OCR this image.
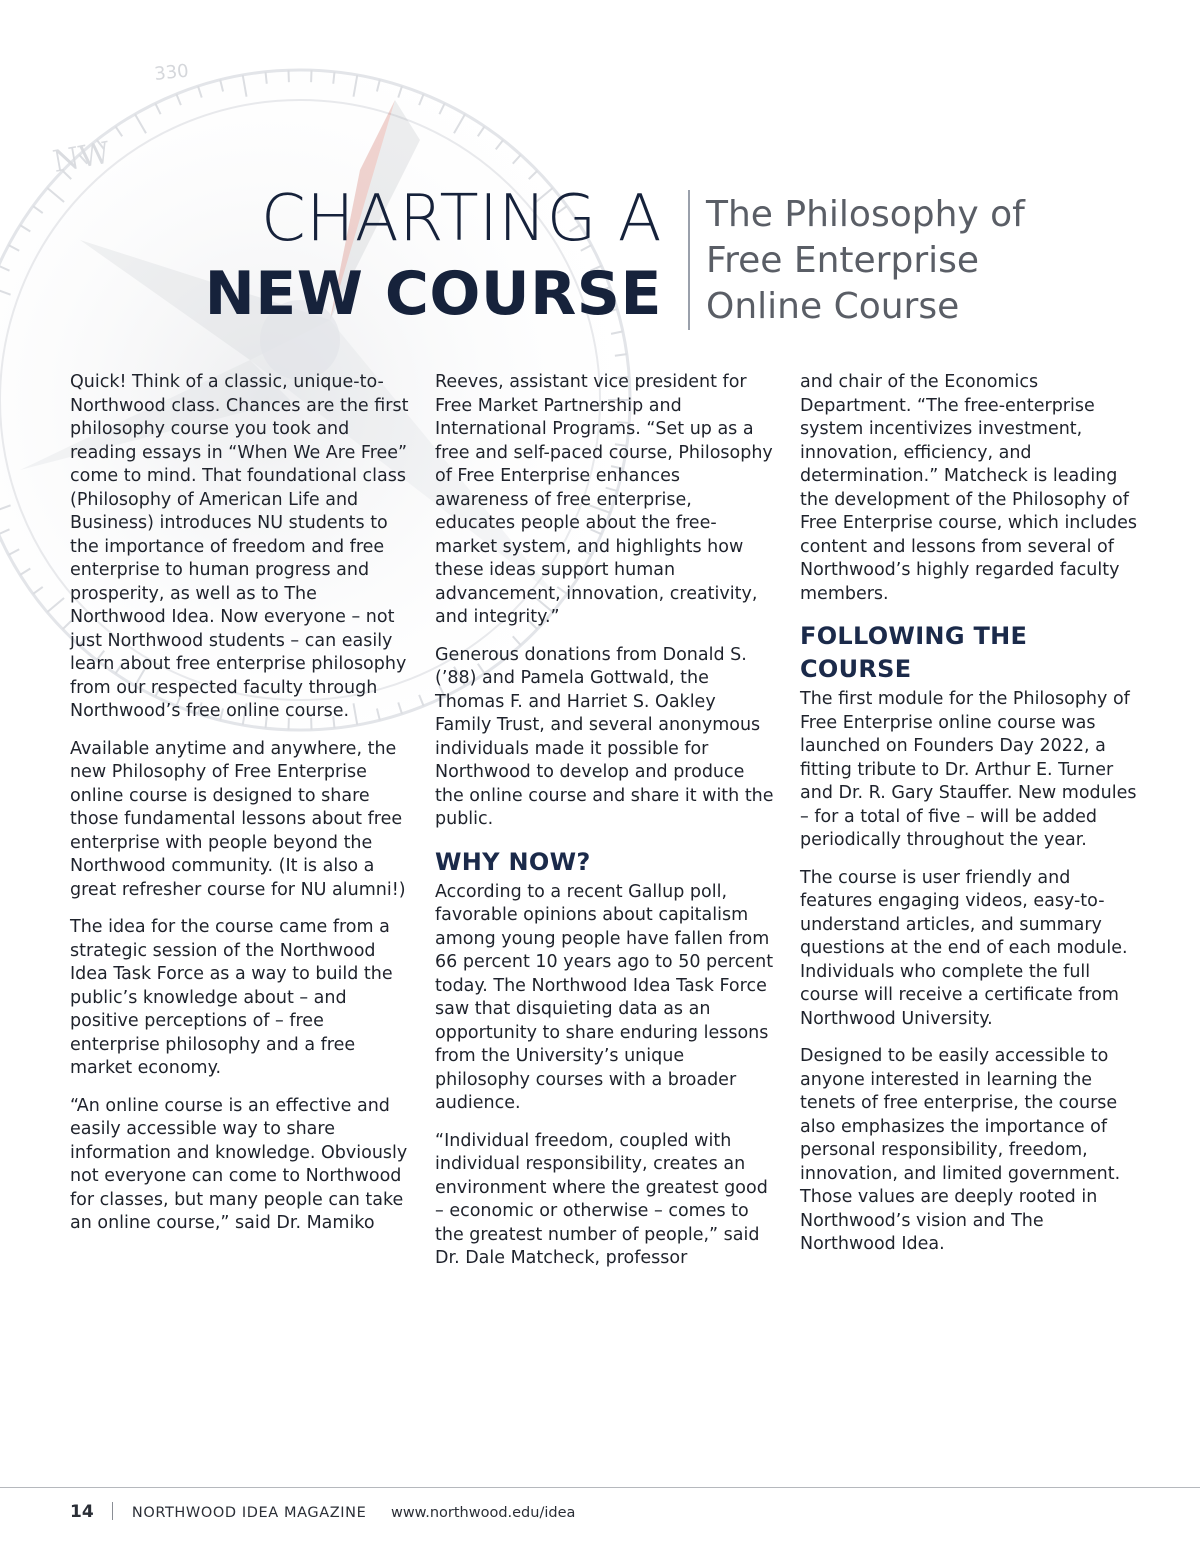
330
NW
CHARTING A
NEW COURSE
The Philosophy of
Free Enterprise
Online Course

Quick! Think of a classic, unique-to-Northwood class. Chances are the first philosophy course you took and reading essays in “When We Are Free” come to mind. That foundational class (Philosophy of American Life and Business) introduces NU students to the importance of freedom and free enterprise to human progress and prosperity, as well as to The Northwood Idea. Now everyone – not just Northwood students – can easily learn about free enterprise philosophy from our respected faculty through Northwood’s free online course.

Available anytime and anywhere, the new Philosophy of Free Enterprise online course is designed to share those fundamental lessons about free enterprise with people beyond the Northwood community. (It is also a great refresher course for NU alumni!)

The idea for the course came from a strategic session of the Northwood Idea Task Force as a way to build the public’s knowledge about – and positive perceptions of – free enterprise philosophy and a free market economy.

“An online course is an effective and easily accessible way to share information and knowledge. Obviously not everyone can come to Northwood for classes, but many people can take an online course,” said Dr. Mamiko

Reeves, assistant vice president for Free Market Partnership and International Programs. “Set up as a free and self-paced course, Philosophy of Free Enterprise enhances awareness of free enterprise, educates people about the free-market system, and highlights how these ideas support human advancement, innovation, creativity, and integrity.”

Generous donations from Donald S. (’88) and Pamela Gottwald, the Thomas F. and Harriet S. Oakley Family Trust, and several anonymous individuals made it possible for Northwood to develop and produce the online course and share it with the public.

WHY NOW?

According to a recent Gallup poll, favorable opinions about capitalism among young people have fallen from 66 percent 10 years ago to 50 percent today. The Northwood Idea Task Force saw that disquieting data as an opportunity to share enduring lessons from the University’s unique philosophy courses with a broader audience.

“Individual freedom, coupled with individual responsibility, creates an environment where the greatest good – economic or otherwise – comes to the greatest number of people,” said Dr. Dale Matcheck, professor

and chair of the Economics Department. “The free-enterprise system incentivizes investment, innovation, efficiency, and determination.” Matcheck is leading the development of the Philosophy of Free Enterprise course, which includes content and lessons from several of Northwood’s highly regarded faculty members.

FOLLOWING THE COURSE

The first module for the Philosophy of Free Enterprise online course was launched on Founders Day 2022, a fitting tribute to Dr. Arthur E. Turner and Dr. R. Gary Stauffer. New modules – for a total of five – will be added periodically throughout the year.

The course is user friendly and features engaging videos, easy-to-understand articles, and summary questions at the end of each module. Individuals who complete the full course will receive a certificate from Northwood University.

Designed to be easily accessible to anyone interested in learning the tenets of free enterprise, the course also emphasizes the importance of personal responsibility, freedom, innovation, and limited government. Those values are deeply rooted in Northwood’s vision and The Northwood Idea.

14	NORTHWOOD IDEA MAGAZINE www.northwood.edu/idea
